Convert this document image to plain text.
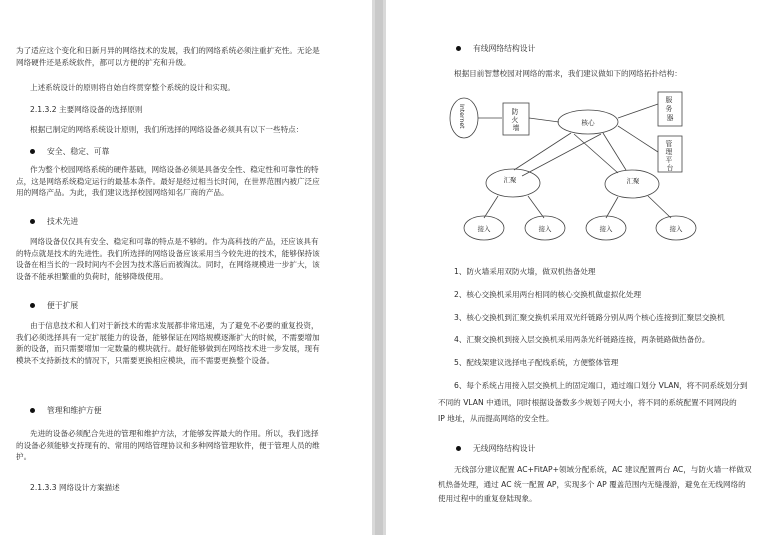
为了适应这个变化和日新月异的网络技术的发展，我们的网络系统必须注重扩充性。无论是
网络硬件还是系统软件，都可以方便的扩充和升级。
上述系统设计的原则将自始自终贯穿整个系统的设计和实现。
2.1.3.2 主要网络设备的选择原则
根据已制定的网络系统设计原则，我们所选择的网络设备必须具有以下一些特点：
安全、稳定、可靠
作为整个校园网络系统的硬件基础，网络设备必须是具备安全性、稳定性和可靠性的特
点，这是网络系统稳定运行的最基本条件。最好是经过相当长时间，在世界范围内被广泛应
用的网络产品。为此，我们建议选择校园网络知名厂商的产品。
技术先进
网络设备仅仅具有安全、稳定和可靠的特点是不够的。作为高科技的产品，还应该具有
的特点就是技术的先进性。我们所选择的网络设备应该采用当今较先进的技术，能够保持该
设备在相当长的一段时间内不会因为技术落后而被淘汰。同时，在网络规模进一步扩大，该
设备不能承担繁重的负荷时，能够降级使用。
便于扩展
由于信息技术和人们对于新技术的需求发展都非常迅速，为了避免不必要的重复投资，
我们必须选择具有一定扩展能力的设备，能够保证在网络规模逐渐扩大的时候，不需要增加
新的设备，而只需要增加一定数量的模块就行。最好能够做到在网络技术进一步发展，现有
模块不支持新技术的情况下，只需要更换相应模块，而不需要更换整个设备。
管理和维护方便
先进的设备必须配合先进的管理和维护方法，才能够发挥最大的作用。所以，我们选择
的设备必须能够支持现有的、常用的网络管理协议和多种网络管理软件，便于管理人员的维
护。
2.1.3.3 网络设计方案描述
有线网络结构设计
根据目前智慧校园对网络的需求，我们建议做如下的网络拓扑结构：
Internet	防 火 墙
核心
服 务 器
管 理 平 台
汇聚	汇聚
接入	接入	接入	接入
1、防火墙采用双防火墙，做双机热备处理
2、核心交换机采用两台相同的核心交换机做虚拟化处理
3、核心交换机到汇聚交换机采用双光纤链路分别从两个核心连接到汇聚层交换机
4、汇聚交换机到接入层交换机采用两条光纤链路连接，两条链路做热备份。
5、配线架建议选择电子配线系统，方便整体管理
6、每个系统占用接入层交换机上的固定端口，通过端口划分 VLAN，将不同系统划分到
不同的 VLAN 中通讯，同时根据设备数多少规划子网大小，将不同的系统配置不同网段的
IP 地址，从而提高网络的安全性。
无线网络结构设计
无线部分建议配置 AC+FitAP+领域分配系统，AC 建议配置两台 AC，与防火墙一样做双
机热备处理，通过 AC 统一配置 AP，实现多个 AP 覆盖范围内无缝漫游，避免在无线网络的
使用过程中的重复登陆现象。
